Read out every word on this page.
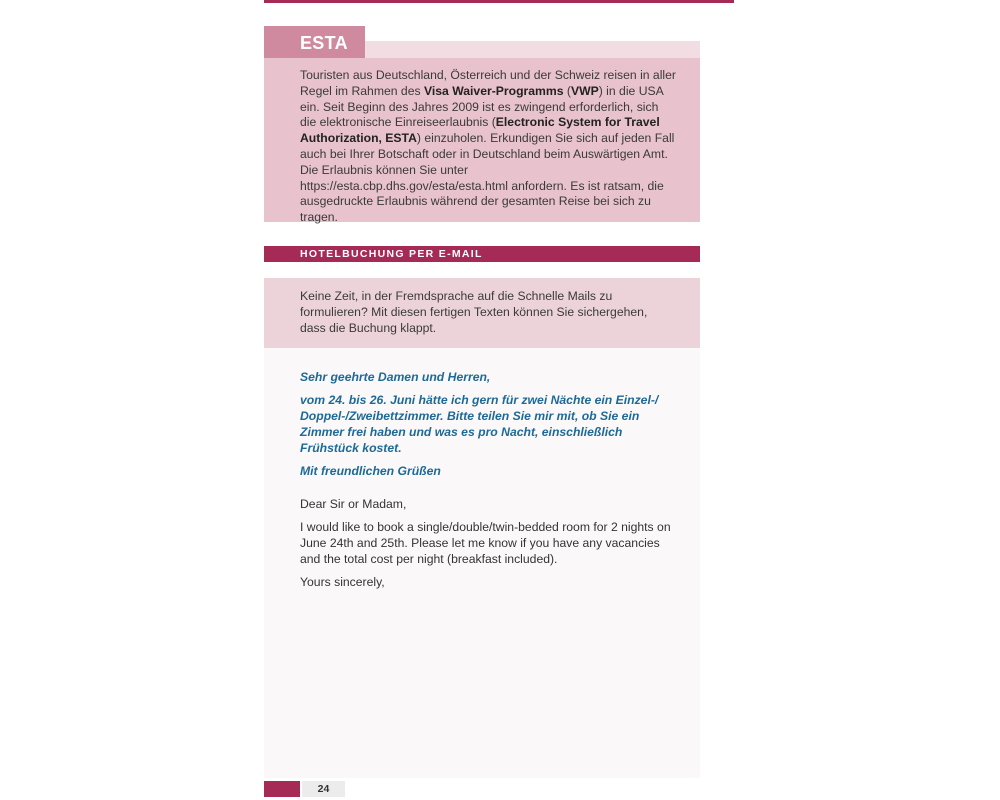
ESTA
Touristen aus Deutschland, Österreich und der Schweiz reisen in aller Regel im Rahmen des Visa Waiver-Programms (VWP) in die USA ein. Seit Beginn des Jahres 2009 ist es zwingend erforderlich, sich die elektronische Einreiseerlaubnis (Electronic System for Travel Authorization, ESTA) einzuholen. Erkundigen Sie sich auf jeden Fall auch bei Ihrer Botschaft oder in Deutschland beim Auswärtigen Amt. Die Erlaubnis können Sie unter https://esta.cbp.dhs.gov/esta/esta.html anfordern. Es ist ratsam, die ausgedruckte Erlaubnis während der gesamten Reise bei sich zu tragen.
HOTELBUCHUNG PER E-MAIL
Keine Zeit, in der Fremdsprache auf die Schnelle Mails zu formulieren? Mit diesen fertigen Texten können Sie sichergehen, dass die Buchung klappt.

Sehr geehrte Damen und Herren,

vom 24. bis 26. Juni hätte ich gern für zwei Nächte ein Einzel-/ Doppel-/Zweibettzimmer. Bitte teilen Sie mir mit, ob Sie ein Zimmer frei haben und was es pro Nacht, einschließlich Frühstück kostet.

Mit freundlichen Grüßen

Dear Sir or Madam,

I would like to book a single/double/twin-bedded room for 2 nights on June 24th and 25th. Please let me know if you have any vacancies and the total cost per night (breakfast included).

Yours sincerely,

24
